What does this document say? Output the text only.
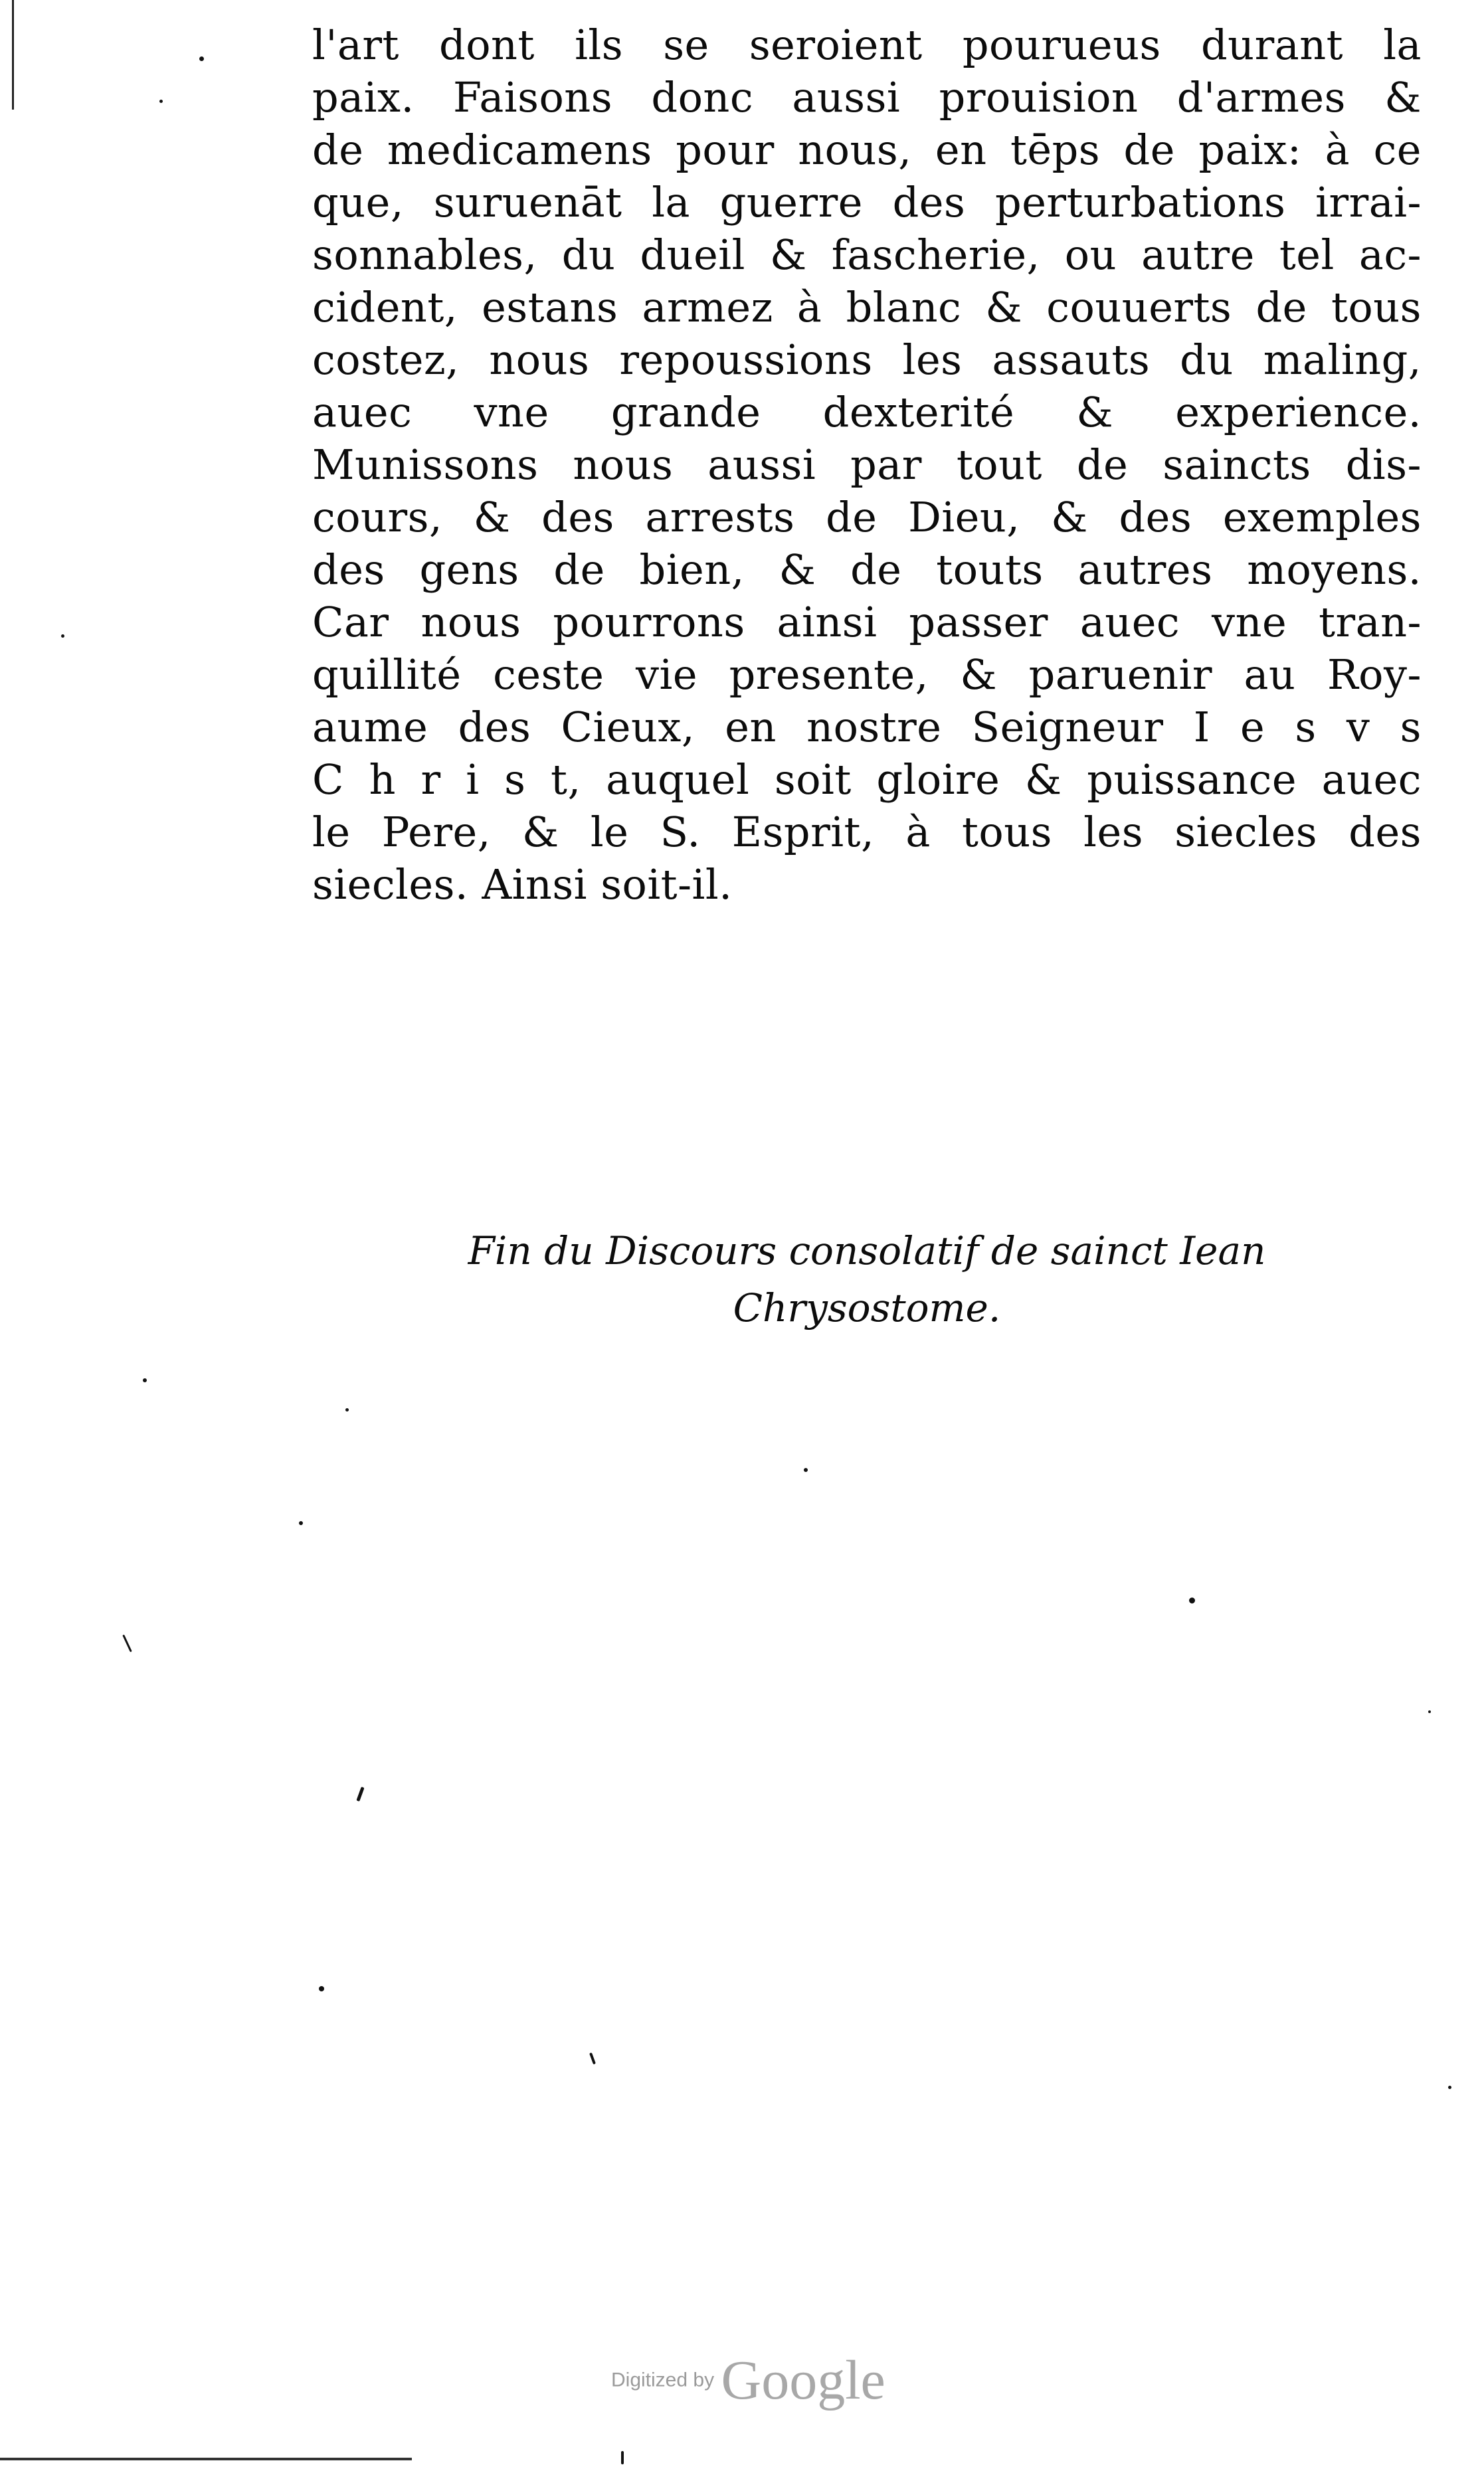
l'art dont ils se seroient pourueus durant la
paix. Faisons donc aussi prouision d'armes &
de medicamens pour nous, en tēps de paix: à ce
que, suruenāt la guerre des perturbations irrai-
sonnables, du dueil & fascherie, ou autre tel ac-
cident, estans armez à blanc & couuerts de tous
costez, nous repoussions les assauts du maling,
auec vne grande dexterité & experience.
Munissons nous aussi par tout de saincts dis-
cours, & des arrests de Dieu, & des exemples
des gens de bien, & de touts autres moyens.
Car nous pourrons ainsi passer auec vne tran-
quillité ceste vie presente, & paruenir au Roy-
aume des Cieux, en nostre Seigneur I e s v s
C h r i s t, auquel soit gloire & puissance auec
le Pere, & le S. Esprit, à tous les siecles des
siecles. Ainsi soit-il.
Fin du Discours consolatif de sainct Iean
Chrysostome.
Digitized by Google
